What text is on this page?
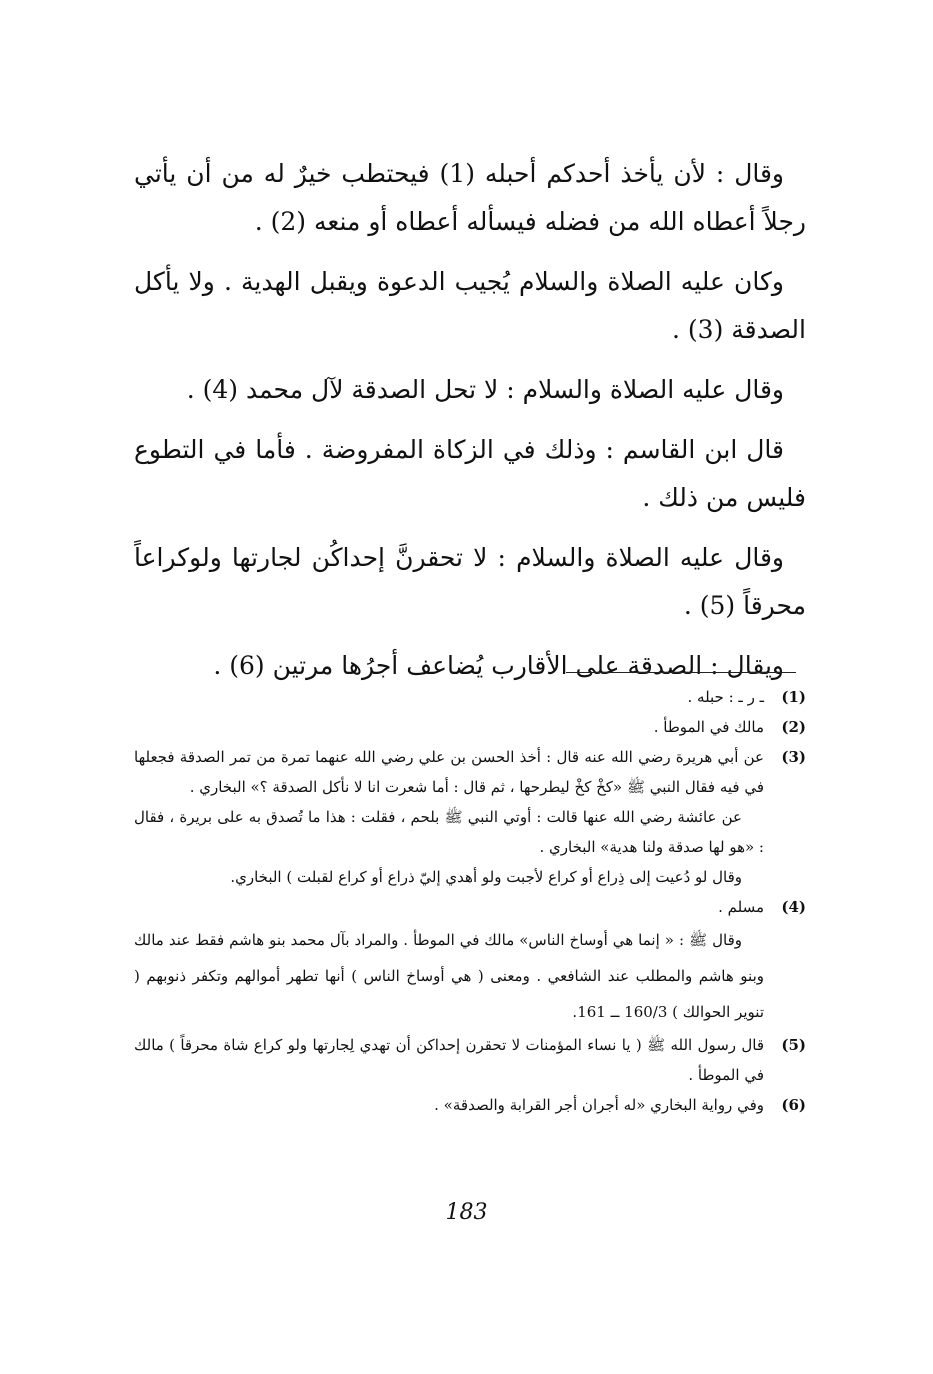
وقال : لأن يأخذ أحدكم أحبله (1) فيحتطب خيرٌ له من أن يأتي رجلاً أعطاه الله من فضله فيسأله أعطاه أو منعه (2) .

وكان عليه الصلاة والسلام يُجيب الدعوة ويقبل الهدية . ولا يأكل الصدقة (3) .

وقال عليه الصلاة والسلام : لا تحل الصدقة لآل محمد (4) .

قال ابن القاسم : وذلك في الزكاة المفروضة . فأما في التطوع فليس من ذلك .

وقال عليه الصلاة والسلام : لا تحقرنَّ إحداكُن لجارتها ولوكراعاً محرقاً (5) .

ويقال : الصدقة على الأقارب يُضاعف أجرُها مرتين (6) .

(1)

ـ ر ـ : حبله .

(2)

مالك في الموطأ .

(3)

عن أبي هريرة رضي الله عنه قال : أخذ الحسن بن علي رضي الله عنهما تمرة من تمر الصدقة فجعلها في فيه فقال النبي ﷺ «كخْ كخْ ليطرحها ، ثم قال : أما شعرت انا لا نأكل الصدقة ؟» البخاري .

عن عائشة رضي الله عنها قالت : أوتي النبي ﷺ بلحم ، فقلت : هذا ما تُصدق به على بريرة ، فقال : «هو لها صدقة ولنا هدية» البخاري .

وقال لو دُعيت إلى ذِراع أو كراع لأجبت ولو أهدي إليّ ذراع أو كراع لقبلت ) البخاري.

(4)

مسلم .

وقال ﷺ : « إنما هي أوساخ الناس» مالك في الموطأ . والمراد بآل محمد بنو هاشم فقط عند مالك وبنو هاشم والمطلب عند الشافعي . ومعنى ( هي أوساخ الناس ) أنها تطهر أموالهم وتكفر ذنوبهم ( تنوير الحوالك ) 160/3 ــ 161.

(5)

قال رسول الله ﷺ ( يا نساء المؤمنات لا تحقرن إحداكن أن تهدي لِجارتها ولو كراع شاة محرقاً ) مالك في الموطأ .

(6)

وفي رواية البخاري «له أجران أجر القرابة والصدقة» .

183
